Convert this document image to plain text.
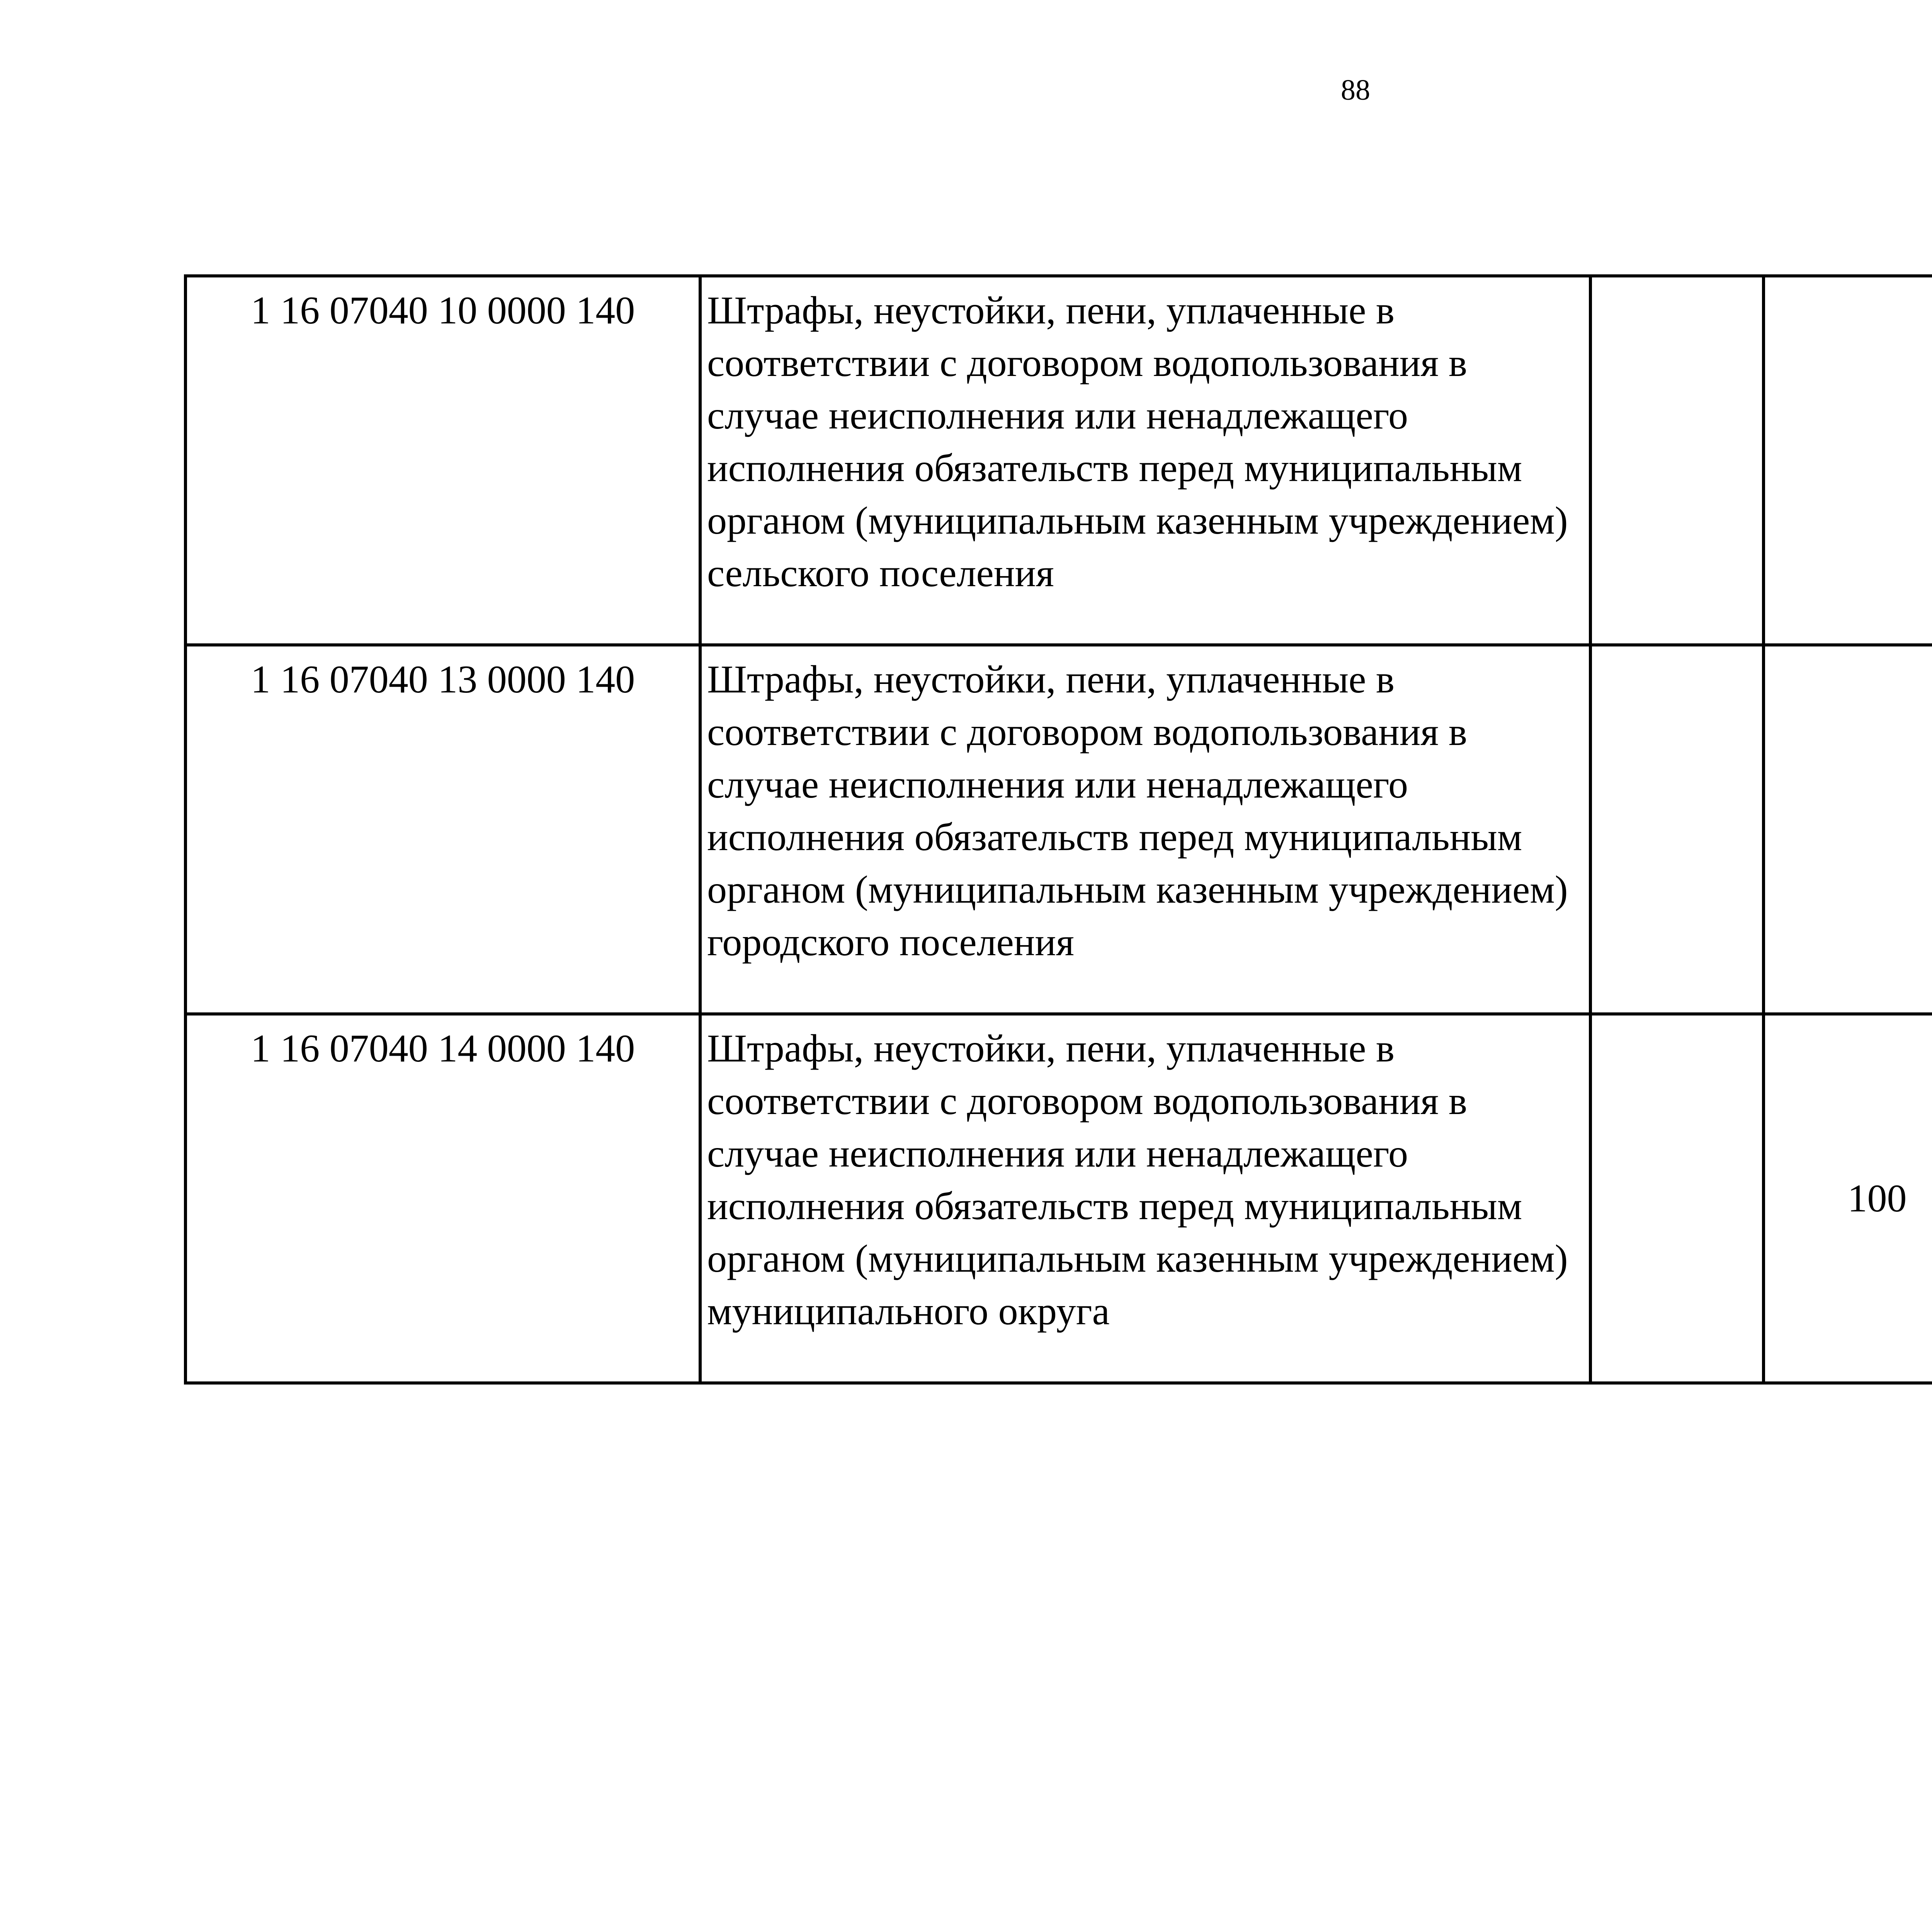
88
1 16 07040 10 0000 140	Штрафы, неустойки, пени, уплаченные в соответствии с договором водопользования в случае неисполнения или ненадлежащего исполнения обязательств перед муниципальным органом (муниципальным казенным учреждением) сельского поселения					
1 16 07040 13 0000 140	Штрафы, неустойки, пени, уплаченные в соответствии с договором водопользования в случае неисполнения или ненадлежащего исполнения обязательств перед муниципальным органом (муниципальным казенным учреждением) городского поселения					
1 16 07040 14 0000 140	Штрафы, неустойки, пени, уплаченные в соответствии с договором водопользования в случае неисполнения или ненадлежащего исполнения обязательств перед муниципальным органом (муниципальным казенным учреждением) муниципального округа		100			
